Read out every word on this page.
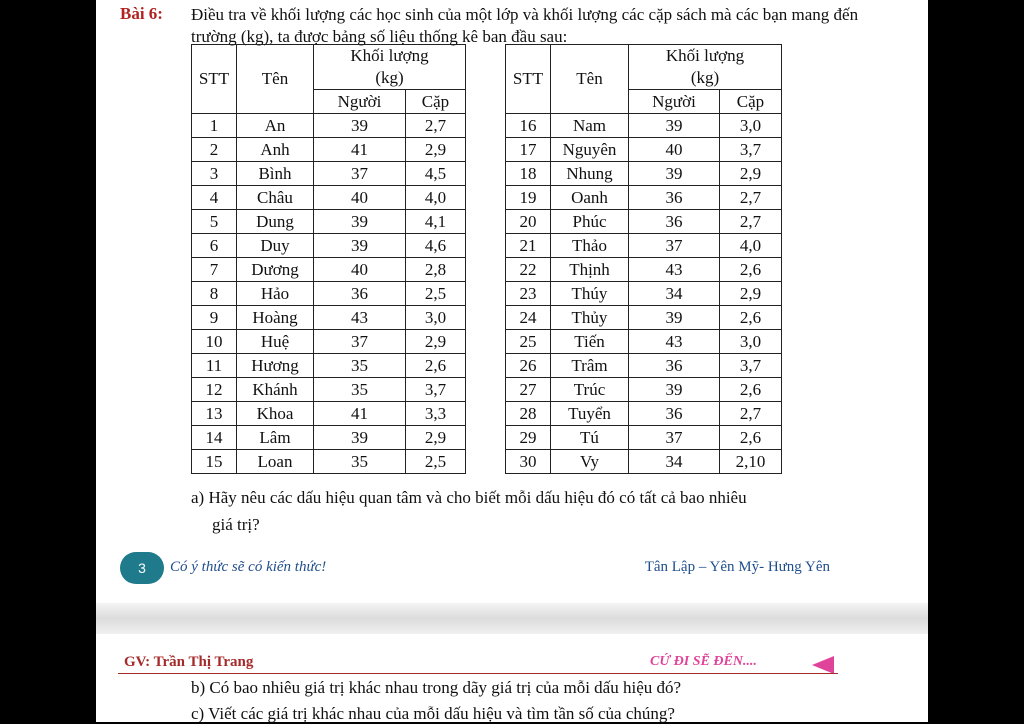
Bài 6: Điều tra về khối lượng các học sinh của một lớp và khối lượng các cặp sách mà các bạn mang đến trường (kg), ta được bảng số liệu thống kê ban đầu sau:
STT	Tên	Khối lượng
(kg)	

		Người	Cặp
1	An	39	2,7
2	Anh	41	2,9
3	Bình	37	4,5
4	Châu	40	4,0
5	Dung	39	4,1
6	Duy	39	4,6
7	Dương	40	2,8
8	Hảo	36	2,5
9	Hoàng	43	3,0
10	Huệ	37	2,9
11	Hương	35	2,6
12	Khánh	35	3,7
13	Khoa	41	3,3
14	Lâm	39	2,9
15	Loan	35	2,5
STT	Tên	Khối lượng
(kg)	

		Người	Cặp
16	Nam	39	3,0
17	Nguyên	40	3,7
18	Nhung	39	2,9
19	Oanh	36	2,7
20	Phúc	36	2,7
21	Thảo	37	4,0
22	Thịnh	43	2,6
23	Thúy	34	2,9
24	Thủy	39	2,6
25	Tiến	43	3,0
26	Trâm	36	3,7
27	Trúc	39	2,6
28	Tuyển	36	2,7
29	Tú	37	2,6
30	Vy	34	2,10
a) Hãy nêu các dấu hiệu quan tâm và cho biết mỗi dấu hiệu đó có tất cả bao nhiêu
giá trị?
3	Có ý thức sẽ có kiến thức!	Tân Lập – Yên Mỹ- Hưng Yên
GV: Trần Thị Trang	CỨ ĐI SẼ ĐẾN....
b) Có bao nhiêu giá trị khác nhau trong dãy giá trị của mỗi dấu hiệu đó?
c) Viết các giá trị khác nhau của mỗi dấu hiệu và tìm tần số của chúng?
